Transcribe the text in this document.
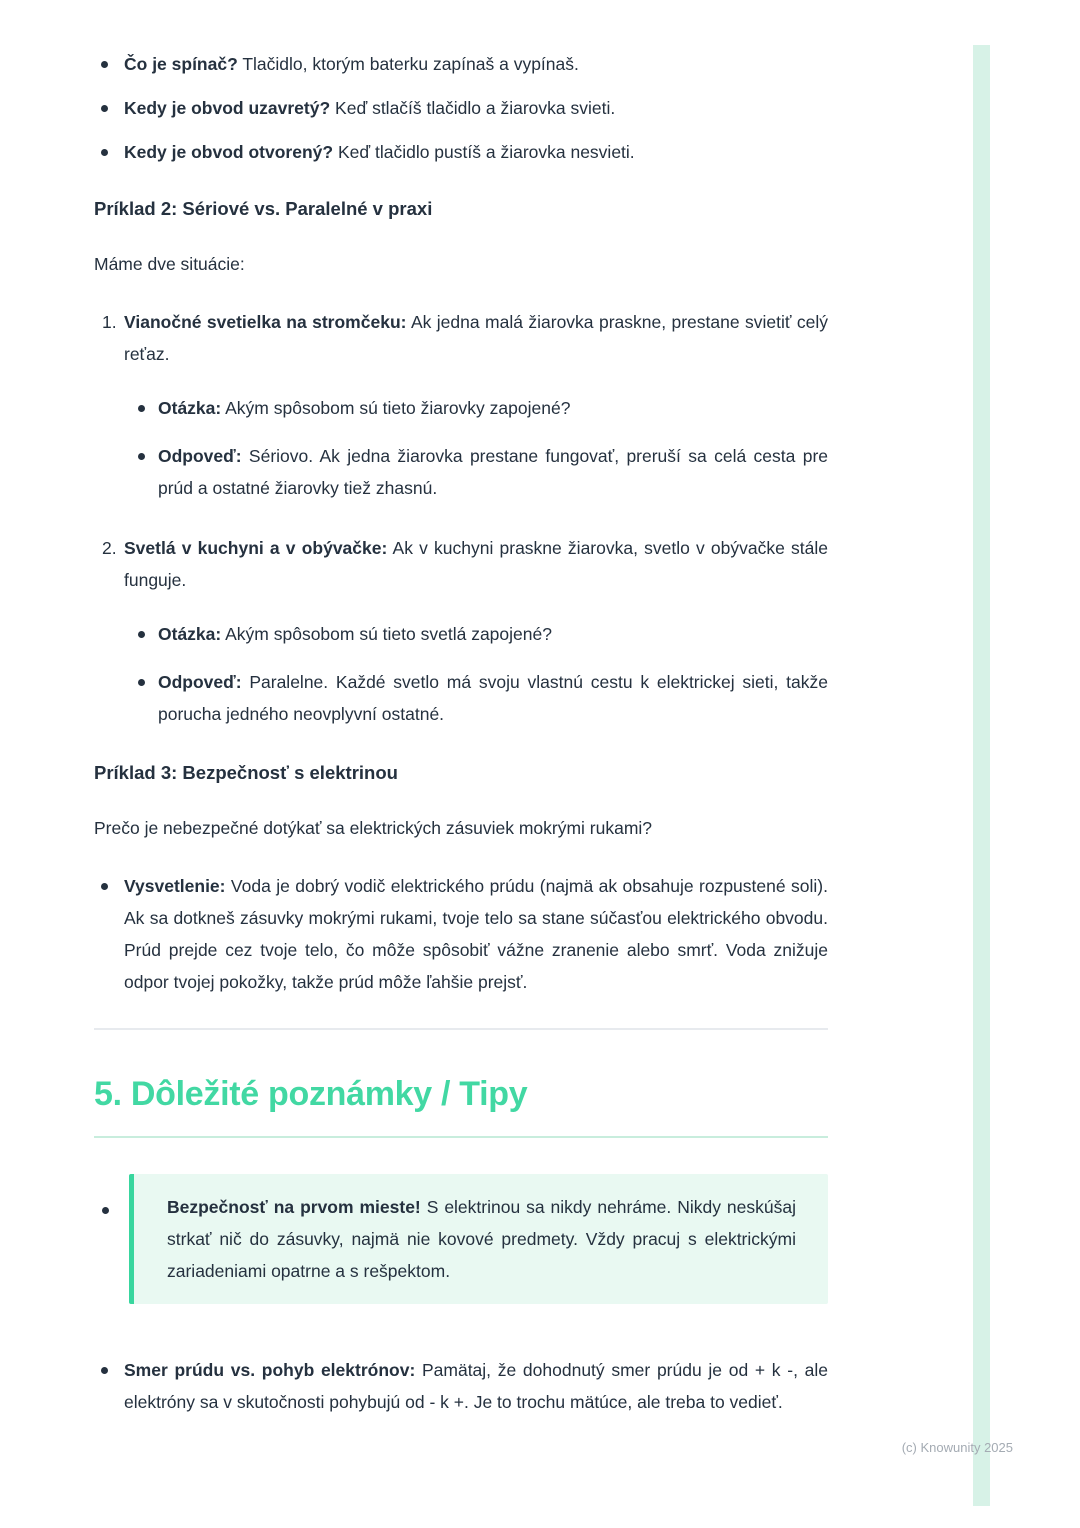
Čo je spínač? Tlačidlo, ktorým baterku zapínaš a vypínaš.

Kedy je obvod uzavretý? Keď stlačíš tlačidlo a žiarovka svieti.

Kedy je obvod otvorený? Keď tlačidlo pustíš a žiarovka nesvieti.

Príklad 2: Sériové vs. Paralelné v praxi

Máme dve situácie:

1. Vianočné svetielka na stromčeku: Ak jedna malá žiarovka praskne, prestane svietiť celý reťaz.

Otázka: Akým spôsobom sú tieto žiarovky zapojené?

Odpoveď: Sériovo. Ak jedna žiarovka prestane fungovať, preruší sa celá cesta pre prúd a ostatné žiarovky tiež zhasnú.

2. Svetlá v kuchyni a v obývačke: Ak v kuchyni praskne žiarovka, svetlo v obývačke stále funguje.

Otázka: Akým spôsobom sú tieto svetlá zapojené?

Odpoveď: Paralelne. Každé svetlo má svoju vlastnú cestu k elektrickej sieti, takže porucha jedného neovplyvní ostatné.

Príklad 3: Bezpečnosť s elektrinou

Prečo je nebezpečné dotýkať sa elektrických zásuviek mokrými rukami?

Vysvetlenie: Voda je dobrý vodič elektrického prúdu (najmä ak obsahuje rozpustené soli). Ak sa dotkneš zásuvky mokrými rukami, tvoje telo sa stane súčasťou elektrického obvodu. Prúd prejde cez tvoje telo, čo môže spôsobiť vážne zranenie alebo smrť. Voda znižuje odpor tvojej pokožky, takže prúd môže ľahšie prejsť.

5. Dôležité poznámky / Tipy

Bezpečnosť na prvom mieste! S elektrinou sa nikdy nehráme. Nikdy neskúšaj strkať nič do zásuvky, najmä nie kovové predmety. Vždy pracuj s elektrickými zariadeniami opatrne a s rešpektom.

Smer prúdu vs. pohyb elektrónov: Pamätaj, že dohodnutý smer prúdu je od + k -, ale elektróny sa v skutočnosti pohybujú od - k +. Je to trochu mätúce, ale treba to vedieť.

(c) Knowunity 2025
